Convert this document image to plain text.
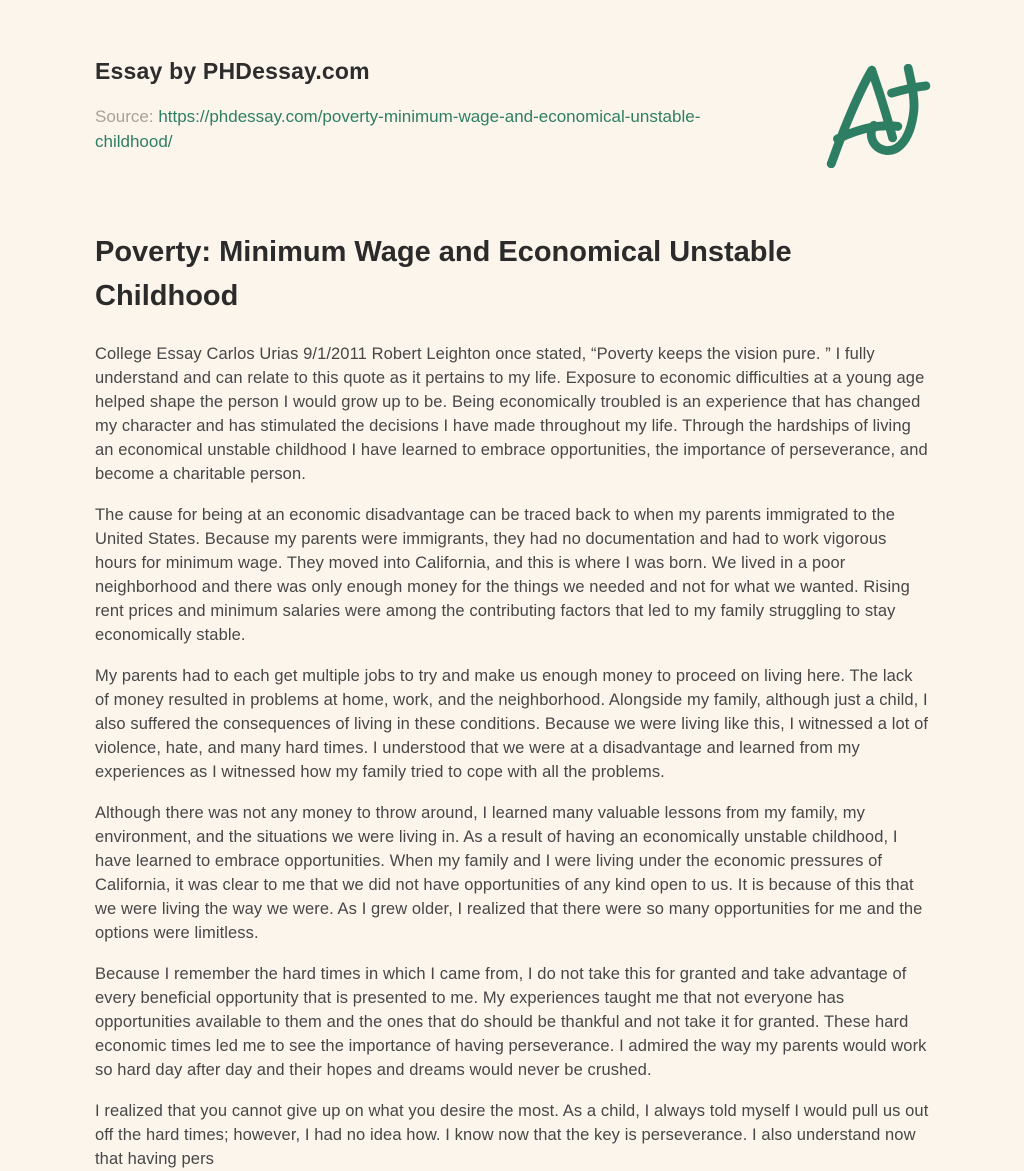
Essay by PHDessay.com

Source: https://phdessay.com/poverty-minimum-wage-and-economical-unstable-childhood/

Poverty: Minimum Wage and Economical Unstable Childhood

College Essay Carlos Urias 9/1/2011 Robert Leighton once stated, “Poverty keeps the vision pure. ” I fully understand and can relate to this quote as it pertains to my life. Exposure to economic difficulties at a young age helped shape the person I would grow up to be. Being economically troubled is an experience that has changed my character and has stimulated the decisions I have made throughout my life. Through the hardships of living an economical unstable childhood I have learned to embrace opportunities, the importance of perseverance, and become a charitable person.

The cause for being at an economic disadvantage can be traced back to when my parents immigrated to the United States. Because my parents were immigrants, they had no documentation and had to work vigorous hours for minimum wage. They moved into California, and this is where I was born. We lived in a poor neighborhood and there was only enough money for the things we needed and not for what we wanted. Rising rent prices and minimum salaries were among the contributing factors that led to my family struggling to stay economically stable.

My parents had to each get multiple jobs to try and make us enough money to proceed on living here. The lack of money resulted in problems at home, work, and the neighborhood. Alongside my family, although just a child, I also suffered the consequences of living in these conditions. Because we were living like this, I witnessed a lot of violence, hate, and many hard times. I understood that we were at a disadvantage and learned from my experiences as I witnessed how my family tried to cope with all the problems.

Although there was not any money to throw around, I learned many valuable lessons from my family, my environment, and the situations we were living in. As a result of having an economically unstable childhood, I have learned to embrace opportunities. When my family and I were living under the economic pressures of California, it was clear to me that we did not have opportunities of any kind open to us. It is because of this that we were living the way we were. As I grew older, I realized that there were so many opportunities for me and the options were limitless.

Because I remember the hard times in which I came from, I do not take this for granted and take advantage of every beneficial opportunity that is presented to me. My experiences taught me that not everyone has opportunities available to them and the ones that do should be thankful and not take it for granted. These hard economic times led me to see the importance of having perseverance. I admired the way my parents would work so hard day after day and their hopes and dreams would never be crushed.

I realized that you cannot give up on what you desire the most. As a child, I always told myself I would pull us out off the hard times; however, I had no idea how. I know now that the key is perseverance. I also understand now that having pers
